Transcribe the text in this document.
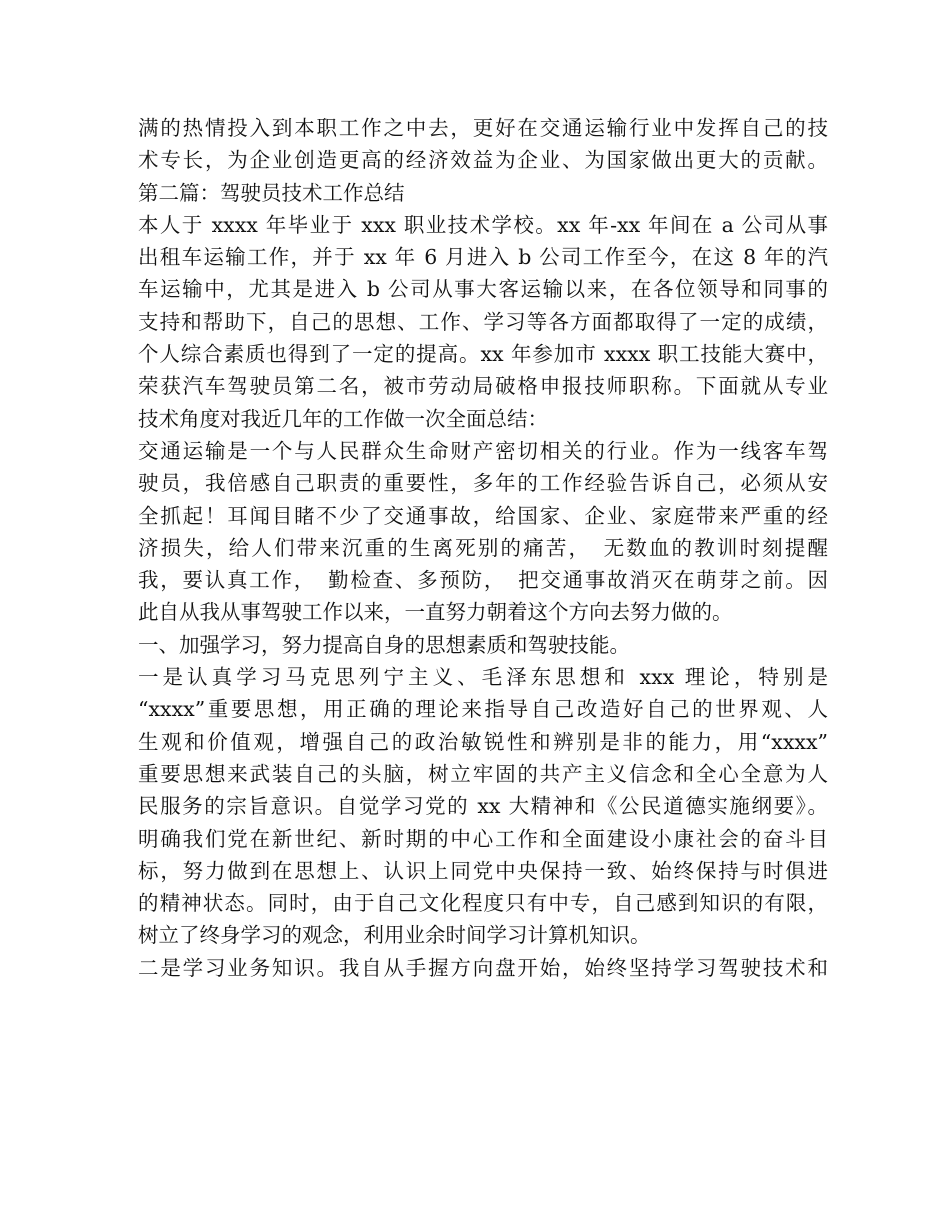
满的热情投入到本职工作之中去，更好在交通运输行业中发挥自己的技
术专长，为企业创造更高的经济效益为企业、为国家做出更大的贡献。
第二篇：驾驶员技术工作总结
本人于 xxxx 年毕业于 xxx 职业技术学校。xx 年-xx 年间在 a 公司从事
出租车运输工作，并于 xx 年 6 月进入 b 公司工作至今，在这 8 年的汽
车运输中，尤其是进入 b 公司从事大客运输以来，在各位领导和同事的
支持和帮助下，自己的思想、工作、学习等各方面都取得了一定的成绩，
个人综合素质也得到了一定的提高。xx 年参加市 xxxx 职工技能大赛中，
荣获汽车驾驶员第二名，被市劳动局破格申报技师职称。下面就从专业
技术角度对我近几年的工作做一次全面总结：
交通运输是一个与人民群众生命财产密切相关的行业。作为一线客车驾
驶员，我倍感自己职责的重要性，多年的工作经验告诉自己，必须从安
全抓起！耳闻目睹不少了交通事故，给国家、企业、家庭带来严重的经
济损失，给人们带来沉重的生离死别的痛苦，　无数血的教训时刻提醒
我，要认真工作，　勤检查、多预防，　把交通事故消灭在萌芽之前。因
此自从我从事驾驶工作以来，一直努力朝着这个方向去努力做的。
一、加强学习，努力提高自身的思想素质和驾驶技能。
一是认真学习马克思列宁主义、毛泽东思想和 xxx 理论，特别是
“xxxx”重要思想，用正确的理论来指导自己改造好自己的世界观、人
生观和价值观，增强自己的政治敏锐性和辨别是非的能力，用“xxxx”
重要思想来武装自己的头脑，树立牢固的共产主义信念和全心全意为人
民服务的宗旨意识。自觉学习党的 xx 大精神和《公民道德实施纲要》。
明确我们党在新世纪、新时期的中心工作和全面建设小康社会的奋斗目
标，努力做到在思想上、认识上同党中央保持一致、始终保持与时俱进
的精神状态。同时，由于自己文化程度只有中专，自己感到知识的有限，
树立了终身学习的观念，利用业余时间学习计算机知识。
二是学习业务知识。我自从手握方向盘开始，始终坚持学习驾驶技术和
